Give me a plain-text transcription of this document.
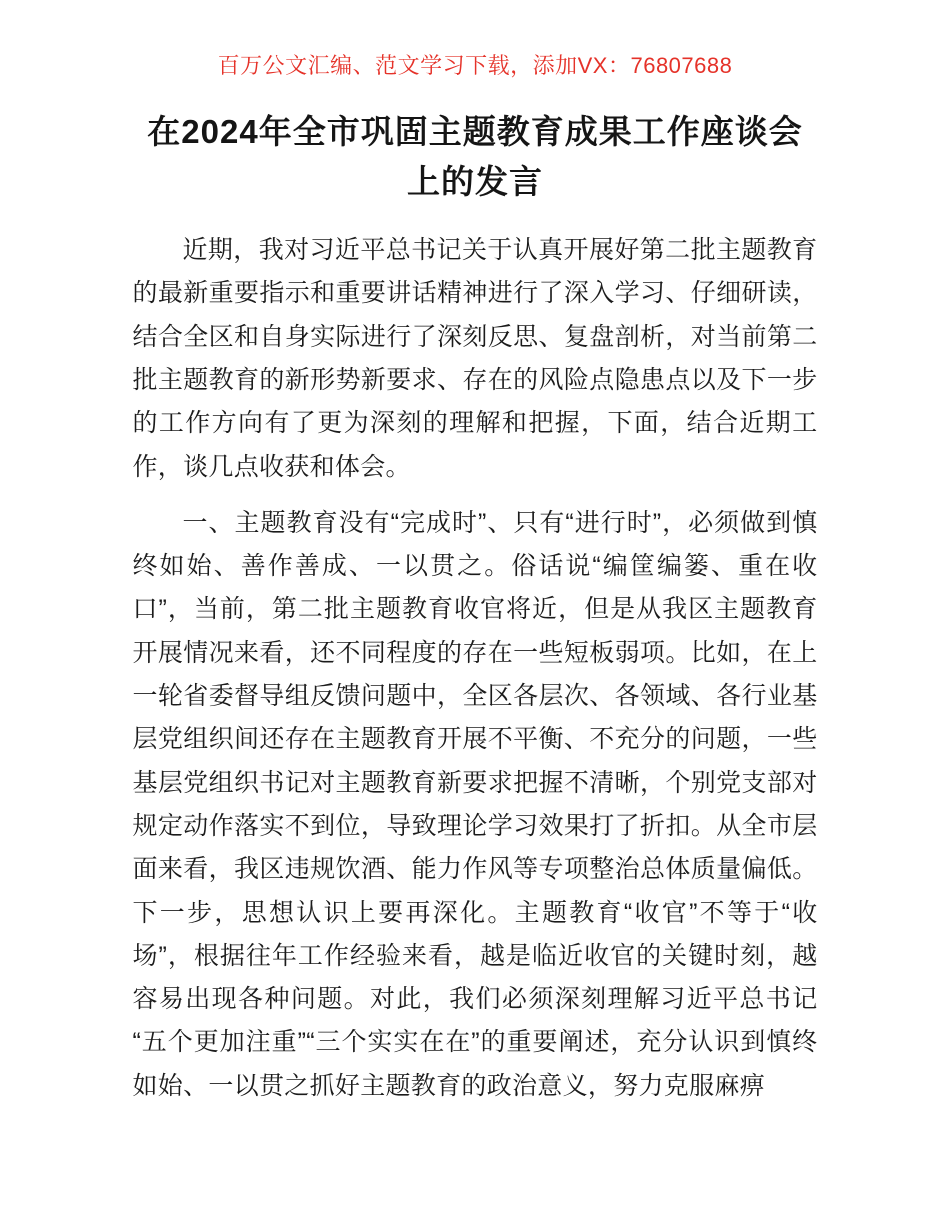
百万公文汇编、范文学习下载，添加VX：76807688
在2024年全市巩固主题教育成果工作座谈会上的发言

近期，我对习近平总书记关于认真开展好第二批主题教育的最新重要指示和重要讲话精神进行了深入学习、仔细研读，结合全区和自身实际进行了深刻反思、复盘剖析，对当前第二批主题教育的新形势新要求、存在的风险点隐患点以及下一步的工作方向有了更为深刻的理解和把握，下面，结合近期工作，谈几点收获和体会。

一、主题教育没有“完成时”、只有“进行时”，必须做到慎终如始、善作善成、一以贯之。俗话说“编筐编篓、重在收口”，当前，第二批主题教育收官将近，但是从我区主题教育开展情况来看，还不同程度的存在一些短板弱项。比如，在上一轮省委督导组反馈问题中，全区各层次、各领域、各行业基层党组织间还存在主题教育开展不平衡、不充分的问题，一些基层党组织书记对主题教育新要求把握不清晰，个别党支部对规定动作落实不到位，导致理论学习效果打了折扣。从全市层面来看，我区违规饮酒、能力作风等专项整治总体质量偏低。下一步，思想认识上要再深化。主题教育“收官”不等于“收场”，根据往年工作经验来看，越是临近收官的关键时刻，越容易出现各种问题。对此，我们必须深刻理解习近平总书记“五个更加注重”“三个实实在在”的重要阐述，充分认识到慎终如始、一以贯之抓好主题教育的政治意义，努力克服麻痹
